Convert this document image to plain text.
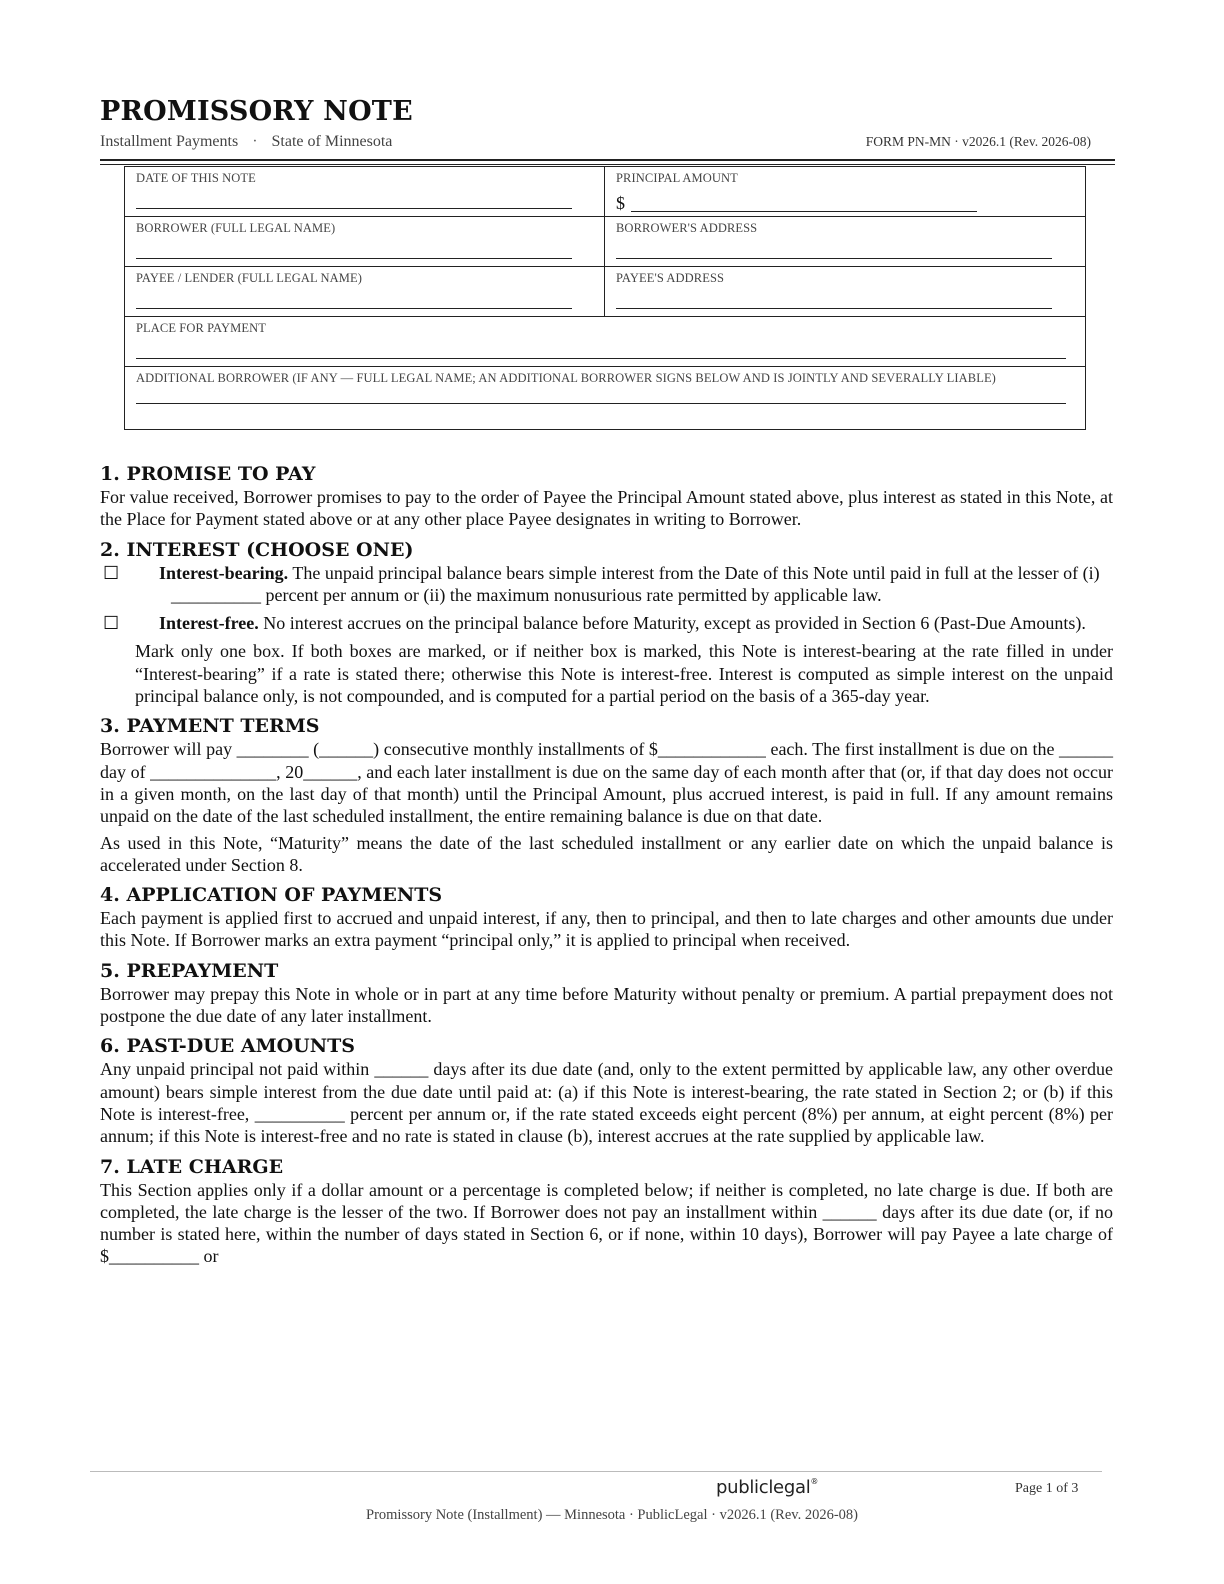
PROMISSORY NOTE
Installment Payments · State of Minnesota	FORM PN-MN · v2026.1 (Rev. 2026-08)
DATE OF THIS NOTE	PRINCIPAL AMOUNT
$

BORROWER (FULL LEGAL NAME)	BORROWER'S ADDRESS

PAYEE / LENDER (FULL LEGAL NAME)	PAYEE'S ADDRESS

PLACE FOR PAYMENT	

ADDITIONAL BORROWER (IF ANY — FULL LEGAL NAME; AN ADDITIONAL BORROWER SIGNS BELOW AND IS JOINTLY AND SEVERALLY LIABLE)	
1. PROMISE TO PAY

For value received, Borrower promises to pay to the order of Payee the Principal Amount stated above, plus interest as stated in this Note, at the Place for Payment stated above or at any other place Payee designates in writing to Borrower.

2. INTEREST (CHOOSE ONE)
☐ Interest-bearing. The unpaid principal balance bears simple interest from the Date of this Note until paid in full at the lesser of (i) __________ percent per annum or (ii) the maximum nonusurious rate permitted by applicable law.
☐ Interest-free. No interest accrues on the principal balance before Maturity, except as provided in Section 6 (Past-Due Amounts).

Mark only one box. If both boxes are marked, or if neither box is marked, this Note is interest-bearing at the rate filled in under “Interest-bearing” if a rate is stated there; otherwise this Note is interest-free. Interest is computed as simple interest on the unpaid principal balance only, is not compounded, and is computed for a partial period on the basis of a 365-day year.

3. PAYMENT TERMS

Borrower will pay ________ (______) consecutive monthly installments of $____________ each. The first installment is due on the ______ day of ______________, 20______, and each later installment is due on the same day of each month after that (or, if that day does not occur in a given month, on the last day of that month) until the Principal Amount, plus accrued interest, is paid in full. If any amount remains unpaid on the date of the last scheduled installment, the entire remaining balance is due on that date.

As used in this Note, “Maturity” means the date of the last scheduled installment or any earlier date on which the unpaid balance is accelerated under Section 8.

4. APPLICATION OF PAYMENTS

Each payment is applied first to accrued and unpaid interest, if any, then to principal, and then to late charges and other amounts due under this Note. If Borrower marks an extra payment “principal only,” it is applied to principal when received.

5. PREPAYMENT

Borrower may prepay this Note in whole or in part at any time before Maturity without penalty or premium. A partial prepayment does not postpone the due date of any later installment.

6. PAST-DUE AMOUNTS

Any unpaid principal not paid within ______ days after its due date (and, only to the extent permitted by applicable law, any other overdue amount) bears simple interest from the due date until paid at: (a) if this Note is interest-bearing, the rate stated in Section 2; or (b) if this Note is interest-free, __________ percent per annum or, if the rate stated exceeds eight percent (8%) per annum, at eight percent (8%) per annum; if this Note is interest-free and no rate is stated in clause (b), interest accrues at the rate supplied by applicable law.

7. LATE CHARGE

This Section applies only if a dollar amount or a percentage is completed below; if neither is completed, no late charge is due. If both are completed, the late charge is the lesser of the two. If Borrower does not pay an installment within ______ days after its due date (or, if no number is stated here, within the number of days stated in Section 6, or if none, within 10 days), Borrower will pay Payee a late charge of $__________ or

publiclegal®	Page 1 of 3
Promissory Note (Installment) — Minnesota · PublicLegal · v2026.1 (Rev. 2026-08)
